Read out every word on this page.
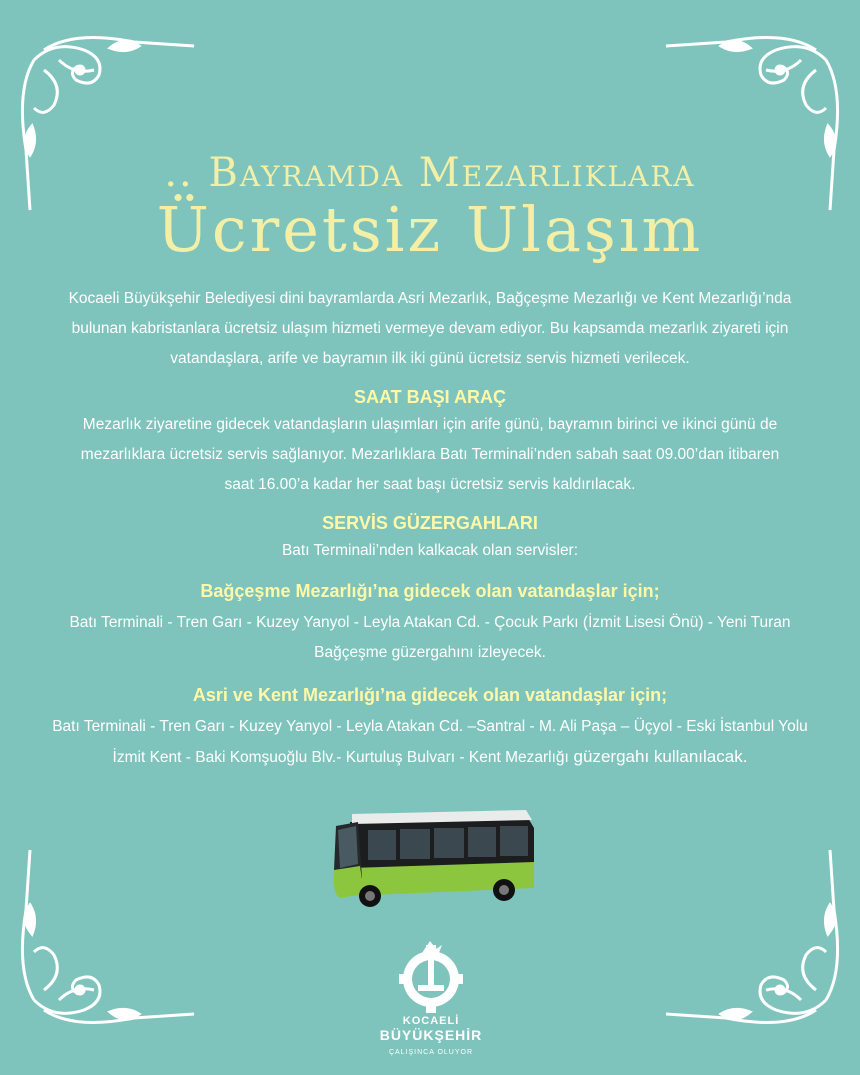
.. Bayramda Mezarlıklara
Ücretsiz Ulaşım
Kocaeli Büyükşehir Belediyesi dini bayramlarda Asri Mezarlık, Bağçeşme Mezarlığı ve Kent Mezarlığı’nda
bulunan kabristanlara ücretsiz ulaşım hizmeti vermeye devam ediyor. Bu kapsamda mezarlık ziyareti için
vatandaşlara, arife ve bayramın ilk iki günü ücretsiz servis hizmeti verilecek.
SAAT BAŞI ARAÇ
Mezarlık ziyaretine gidecek vatandaşların ulaşımları için arife günü, bayramın birinci ve ikinci günü de
mezarlıklara ücretsiz servis sağlanıyor. Mezarlıklara Batı Terminali’nden sabah saat 09.00’dan itibaren
saat 16.00’a kadar her saat başı ücretsiz servis kaldırılacak.
SERVİS GÜZERGAHLARI
Batı Terminali’nden kalkacak olan servisler:
Bağçeşme Mezarlığı’na gidecek olan vatandaşlar için;
Batı Terminali - Tren Garı - Kuzey Yanyol - Leyla Atakan Cd. - Çocuk Parkı (İzmit Lisesi Önü) - Yeni Turan
Bağçeşme güzergahını izleyecek.
Asri ve Kent Mezarlığı’na gidecek olan vatandaşlar için;
Batı Terminali - Tren Garı - Kuzey Yanyol - Leyla Atakan Cd. –Santral - M. Ali Paşa – Üçyol - Eski İstanbul Yolu
İzmit Kent - Baki Komşuoğlu Blv.- Kurtuluş Bulvarı - Kent Mezarlığı güzergahı kullanılacak.
KOCAELİ
BÜYÜKŞEHİR
ÇALIŞINCA OLUYOR
